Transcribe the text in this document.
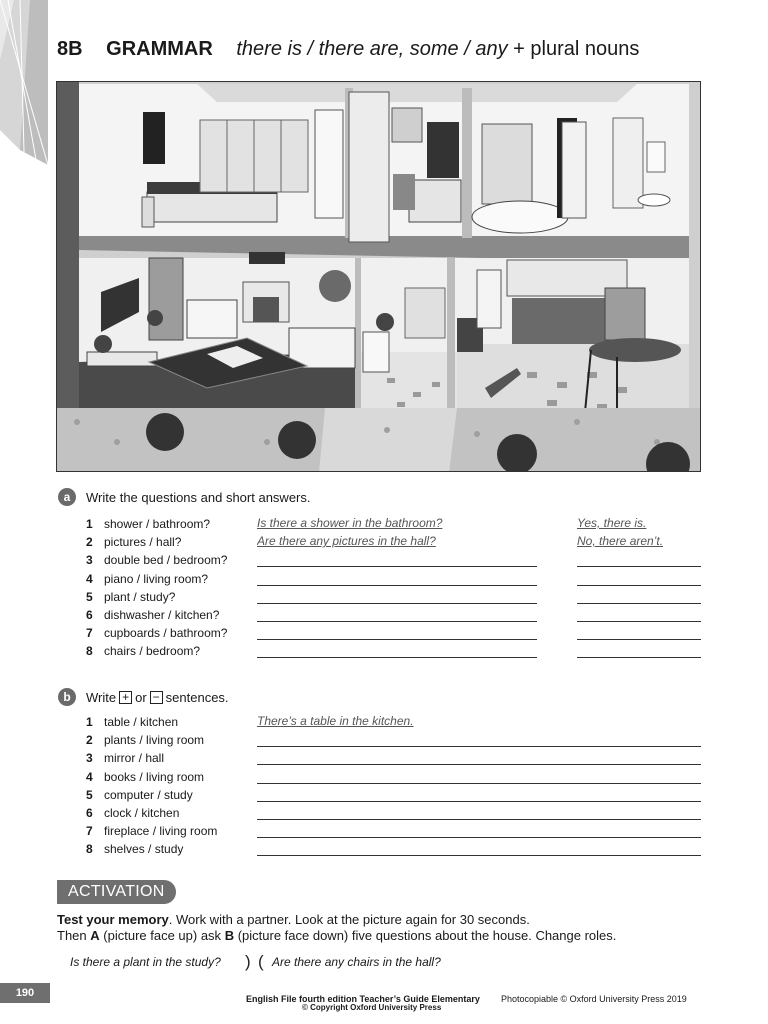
8B GRAMMAR there is / there are, some / any + plural nouns
a	Write the questions and short answers.
1 shower / bathroom?	Is there a shower in the bathroom?	Yes, there is.
2 pictures / hall?	Are there any pictures in the hall?	No, there aren’t.
3 double bed / bedroom?
4 piano / living room?
5 plant / study?
6 dishwasher / kitchen?
7 cupboards / bathroom?
8 chairs / bedroom?
b	Write + or − sentences.
1 table / kitchen	There’s a table in the kitchen.
2 plants / living room
3 mirror / hall
4 books / living room
5 computer / study
6 clock / kitchen
7 fireplace / living room
8 shelves / study
ACTIVATION
Test your memory. Work with a partner. Look at the picture again for 30 seconds.
Then A (picture face up) ask B (picture face down) five questions about the house. Change roles.
Is there a plant in the study? ) ( Are there any chairs in the hall?
190	English File fourth edition Teacher’s Guide Elementary Photocopiable © Oxford University Press 2019
© Copyright Oxford University Press
